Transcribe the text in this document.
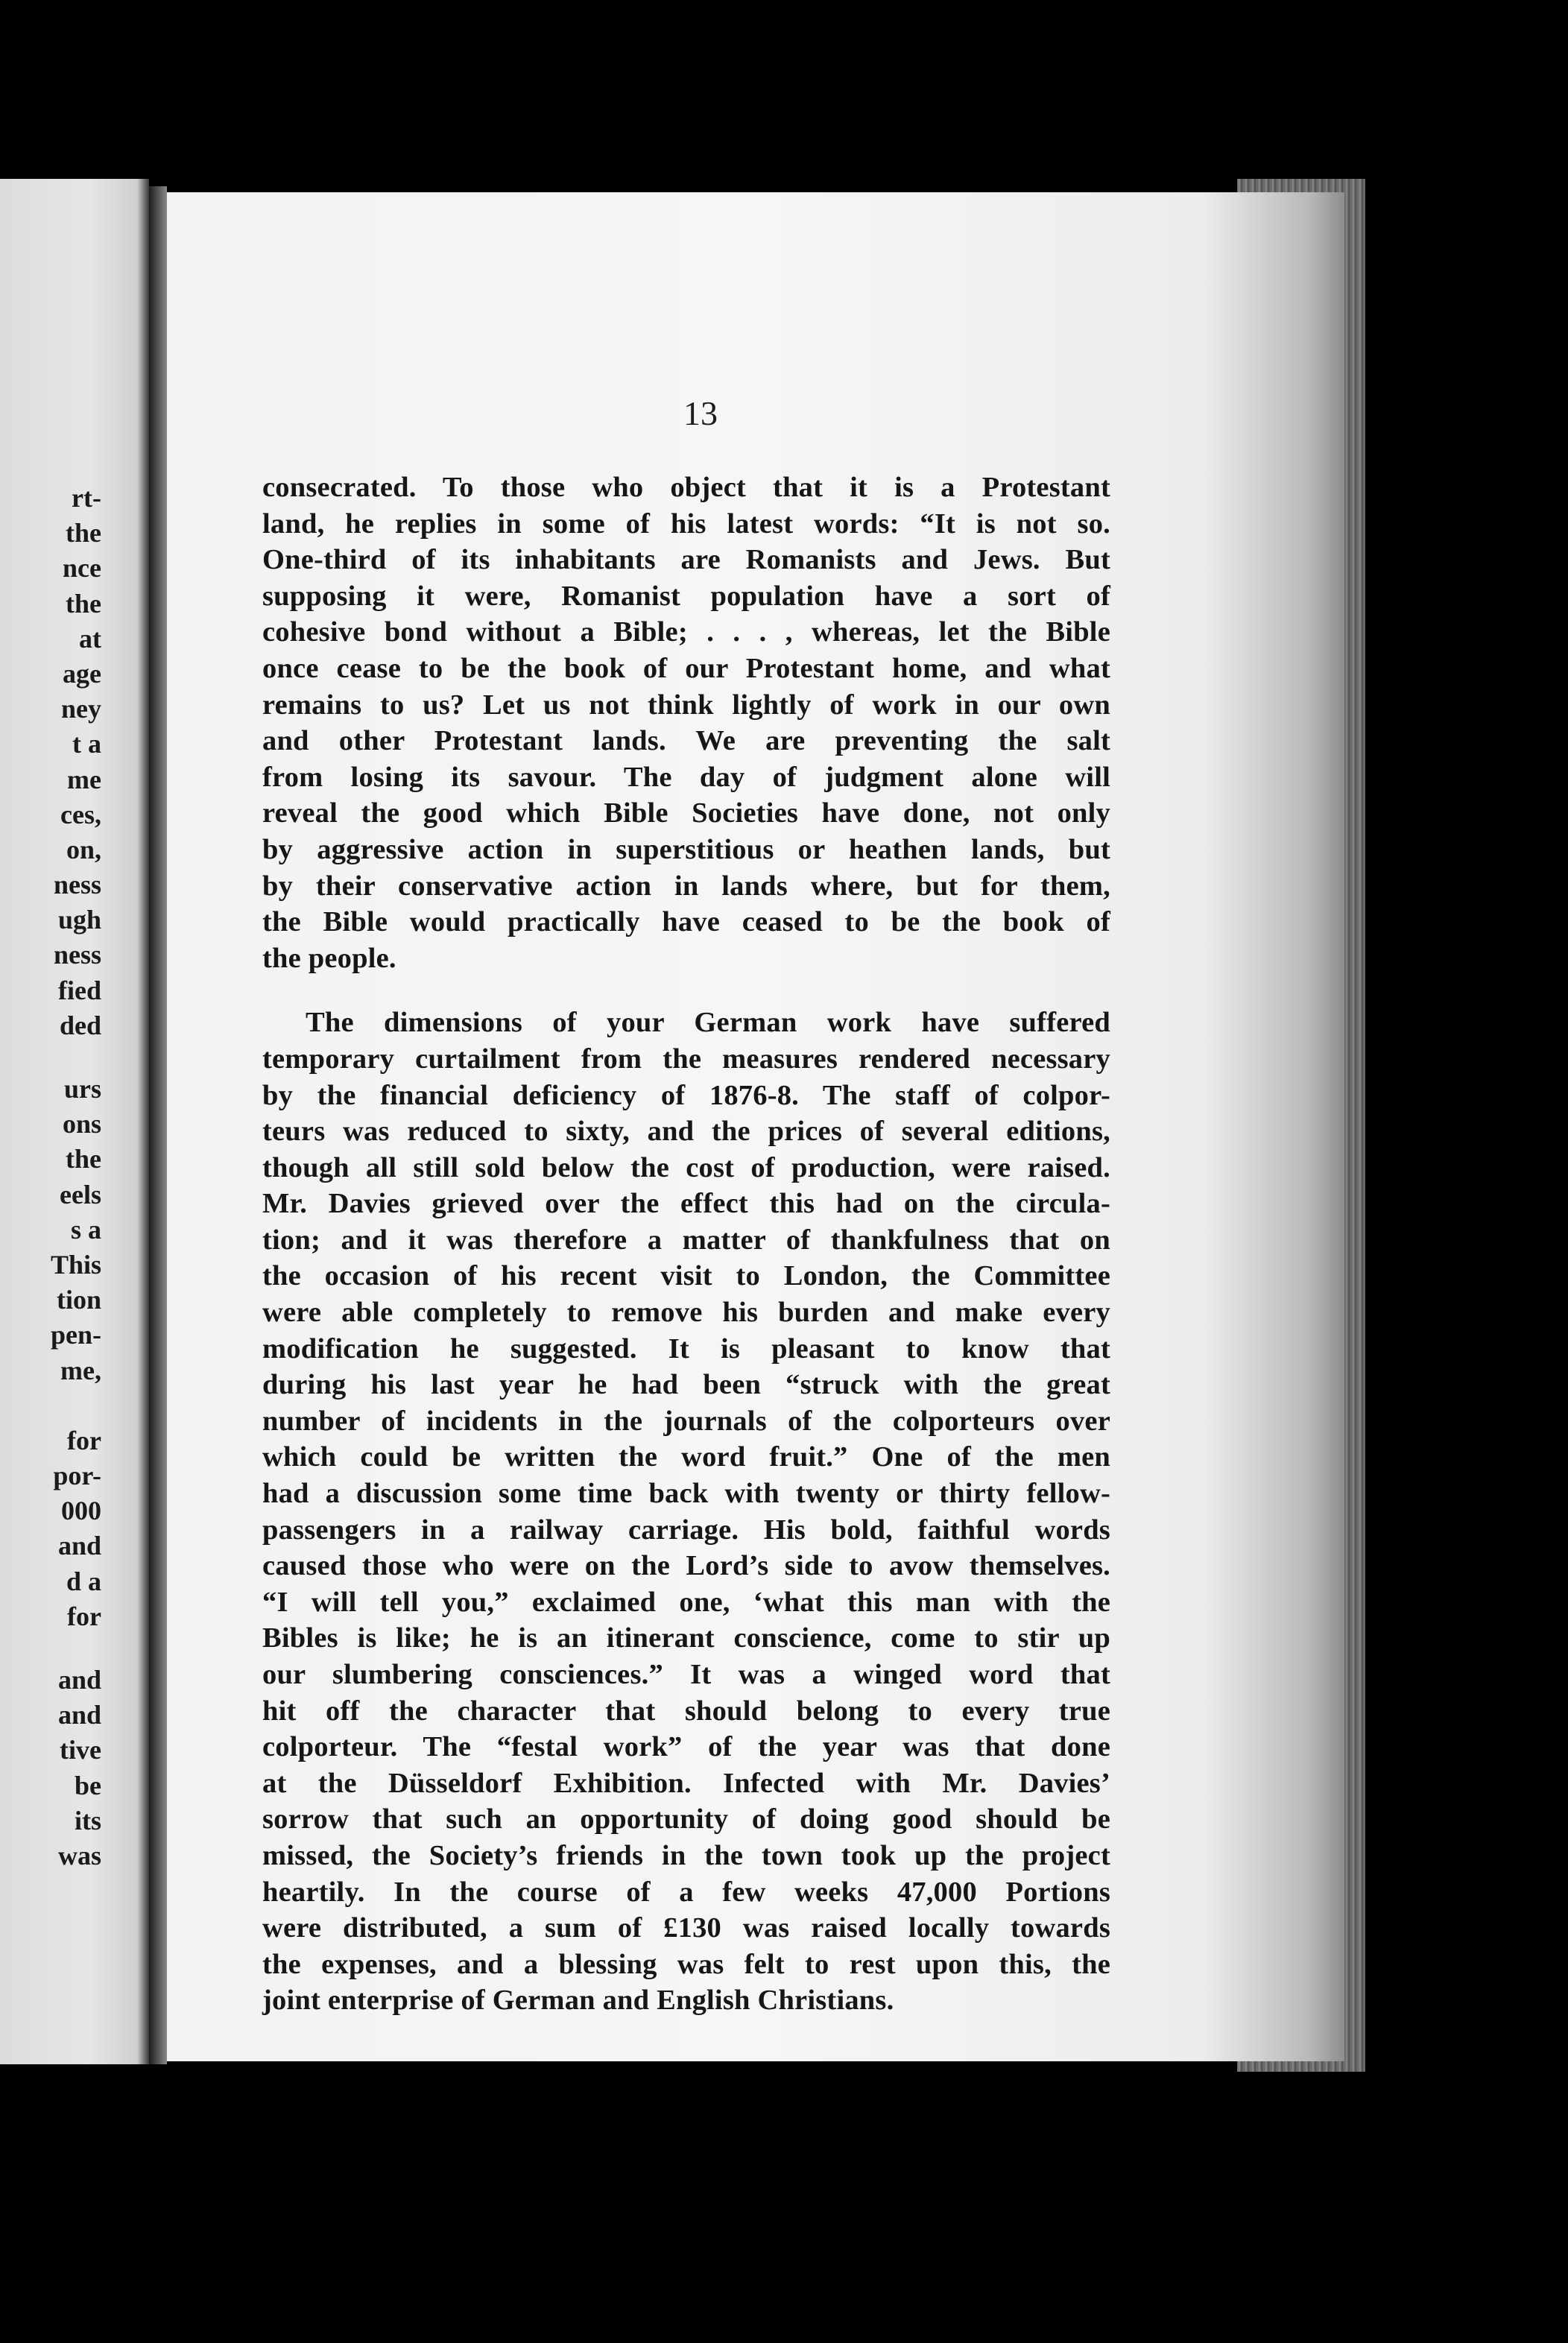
rt-
the
nce
the
at
age
ney
t a
me
ces,
on,
ness
ugh
ness
fied
ded
urs
ons
the
eels
s a
This
tion
pen-
me,
for
por-
000
and
d a
for
and
and
tive
be
its
was
13
consecrated. To those who object that it is a Protestant
land, he replies in some of his latest words: “It is not so.
One-third of its inhabitants are Romanists and Jews. But
supposing it were, Romanist population have a sort of
cohesive bond without a Bible; . . . , whereas, let the Bible
once cease to be the book of our Protestant home, and what
remains to us? Let us not think lightly of work in our own
and other Protestant lands. We are preventing the salt
from losing its savour. The day of judgment alone will
reveal the good which Bible Societies have done, not only
by aggressive action in superstitious or heathen lands, but
by their conservative action in lands where, but for them,
the Bible would practically have ceased to be the book of
the people.
The dimensions of your German work have suffered
temporary curtailment from the measures rendered necessary
by the financial deficiency of 1876-8. The staff of colpor-
teurs was reduced to sixty, and the prices of several editions,
though all still sold below the cost of production, were raised.
Mr. Davies grieved over the effect this had on the circula-
tion; and it was therefore a matter of thankfulness that on
the occasion of his recent visit to London, the Committee
were able completely to remove his burden and make every
modification he suggested. It is pleasant to know that
during his last year he had been “struck with the great
number of incidents in the journals of the colporteurs over
which could be written the word fruit.” One of the men
had a discussion some time back with twenty or thirty fellow-
passengers in a railway carriage. His bold, faithful words
caused those who were on the Lord’s side to avow themselves.
“I will tell you,” exclaimed one, ‘what this man with the
Bibles is like; he is an itinerant conscience, come to stir up
our slumbering consciences.” It was a winged word that
hit off the character that should belong to every true
colporteur. The “festal work” of the year was that done
at the Düsseldorf Exhibition. Infected with Mr. Davies’
sorrow that such an opportunity of doing good should be
missed, the Society’s friends in the town took up the project
heartily. In the course of a few weeks 47,000 Portions
were distributed, a sum of £130 was raised locally towards
the expenses, and a blessing was felt to rest upon this, the
joint enterprise of German and English Christians.
